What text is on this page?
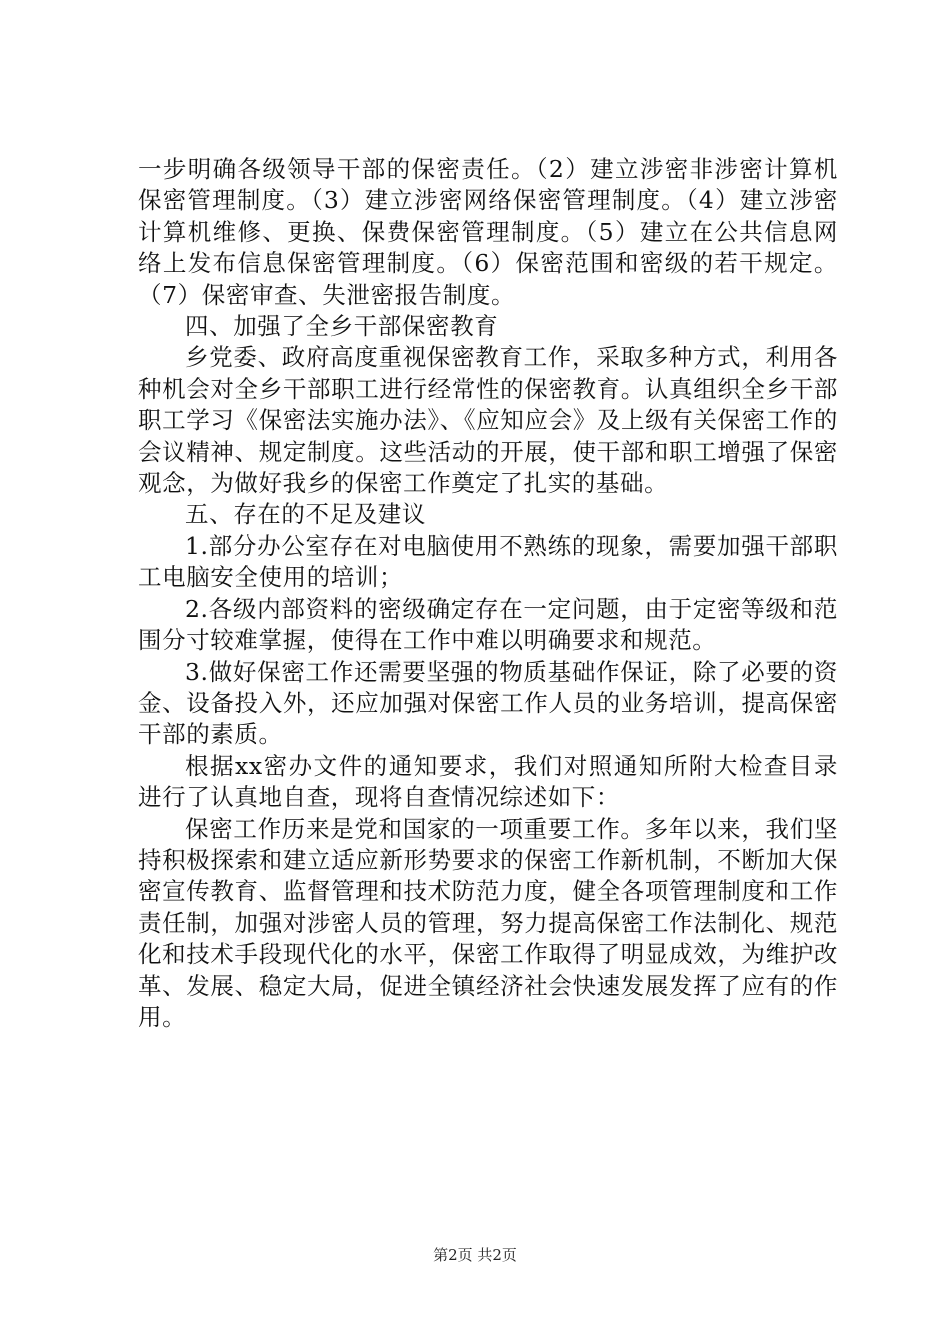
一步明确各级领导干部的保密责任。（2）建立涉密非涉密计算机保密管理制度。（3）建立涉密网络保密管理制度。（4）建立涉密计算机维修、更换、保费保密管理制度。（5）建立在公共信息网络上发布信息保密管理制度。（6）保密范围和密级的若干规定。（7）保密审查、失泄密报告制度。

四、加强了全乡干部保密教育

乡党委、政府高度重视保密教育工作，采取多种方式，利用各种机会对全乡干部职工进行经常性的保密教育。认真组织全乡干部职工学习《保密法实施办法》、《应知应会》及上级有关保密工作的会议精神、规定制度。这些活动的开展，使干部和职工增强了保密观念，为做好我乡的保密工作奠定了扎实的基础。

五、存在的不足及建议

1.部分办公室存在对电脑使用不熟练的现象，需要加强干部职工电脑安全使用的培训；

2.各级内部资料的密级确定存在一定问题，由于定密等级和范围分寸较难掌握，使得在工作中难以明确要求和规范。

3.做好保密工作还需要坚强的物质基础作保证，除了必要的资金、设备投入外，还应加强对保密工作人员的业务培训，提高保密干部的素质。

根据xx密办文件的通知要求，我们对照通知所附大检查目录进行了认真地自查，现将自查情况综述如下：

保密工作历来是党和国家的一项重要工作。多年以来，我们坚持积极探索和建立适应新形势要求的保密工作新机制，不断加大保密宣传教育、监督管理和技术防范力度，健全各项管理制度和工作责任制，加强对涉密人员的管理，努力提高保密工作法制化、规范化和技术手段现代化的水平，保密工作取得了明显成效，为维护改革、发展、稳定大局，促进全镇经济社会快速发展发挥了应有的作用。

第2页 共2页
